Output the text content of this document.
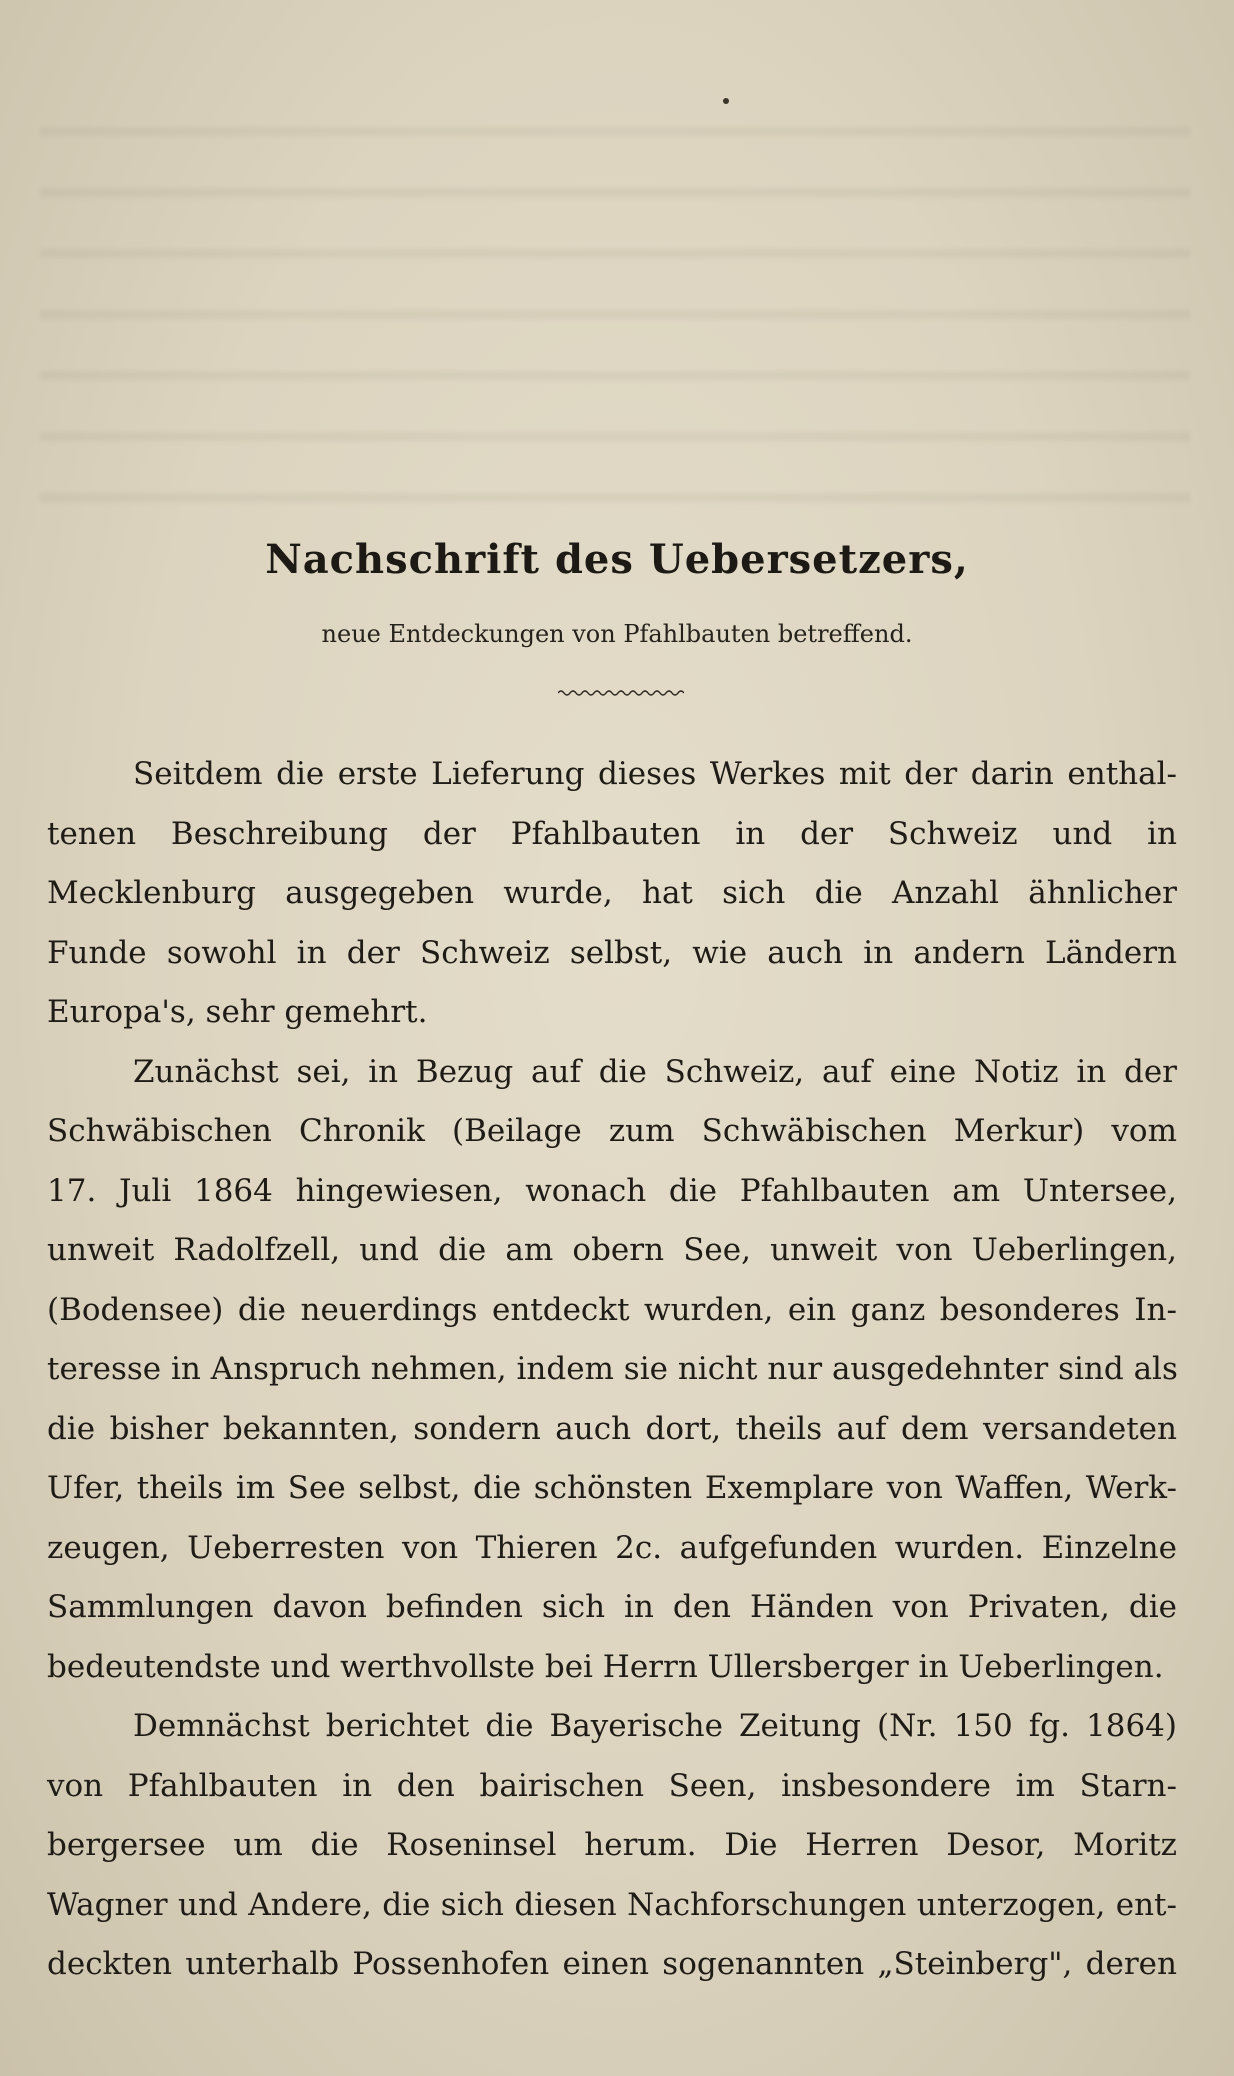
Nachschrift des Uebersetzers,
neue Entdeckungen von Pfahlbauten betreffend.
Seitdem die erste Lieferung dieses Werkes mit der darin enthal-
tenen Beschreibung der Pfahlbauten in der Schweiz und in
Mecklenburg ausgegeben wurde, hat sich die Anzahl ähnlicher
Funde sowohl in der Schweiz selbst, wie auch in andern Ländern
Europa's, sehr gemehrt.
Zunächst sei, in Bezug auf die Schweiz, auf eine Notiz in der
Schwäbischen Chronik (Beilage zum Schwäbischen Merkur) vom
17. Juli 1864 hingewiesen, wonach die Pfahlbauten am Untersee,
unweit Radolfzell, und die am obern See, unweit von Ueberlingen,
(Bodensee) die neuerdings entdeckt wurden, ein ganz besonderes In-
teresse in Anspruch nehmen, indem sie nicht nur ausgedehnter sind als
die bisher bekannten, sondern auch dort, theils auf dem versandeten
Ufer, theils im See selbst, die schönsten Exemplare von Waffen, Werk-
zeugen, Ueberresten von Thieren 2c. aufgefunden wurden. Einzelne
Sammlungen davon befinden sich in den Händen von Privaten, die
bedeutendste und werthvollste bei Herrn Ullersberger in Ueberlingen.
Demnächst berichtet die Bayerische Zeitung (Nr. 150 fg. 1864)
von Pfahlbauten in den bairischen Seen, insbesondere im Starn-
bergersee um die Roseninsel herum. Die Herren Desor, Moritz
Wagner und Andere, die sich diesen Nachforschungen unterzogen, ent-
deckten unterhalb Possenhofen einen sogenannten „Steinberg", deren
